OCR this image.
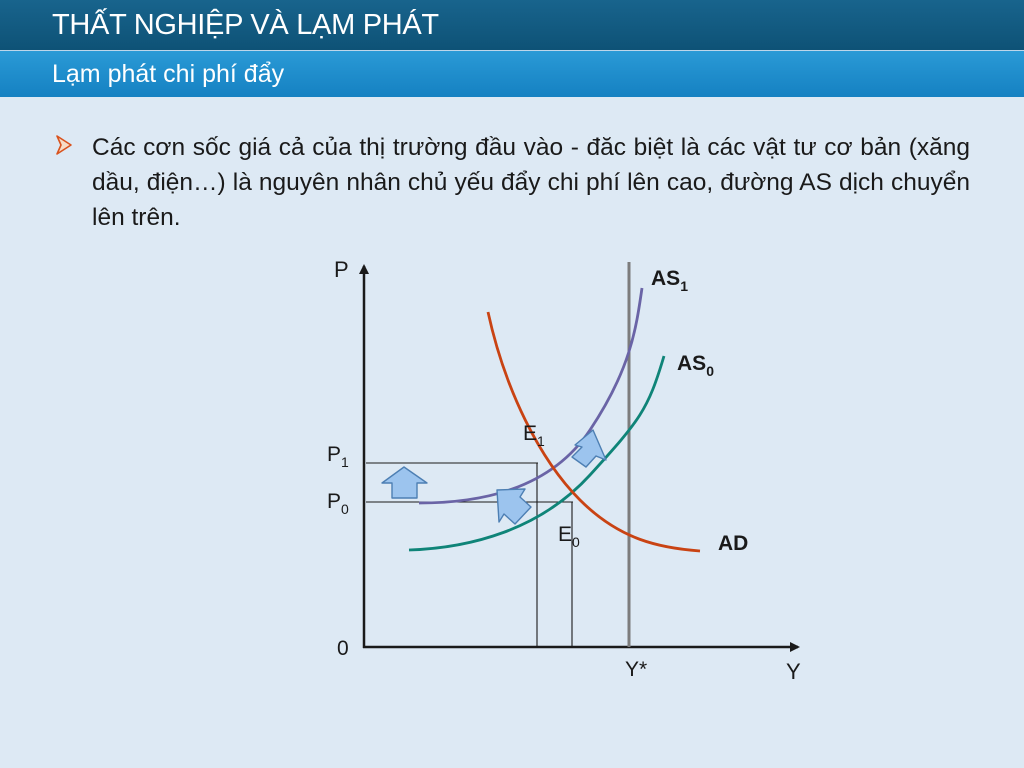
THẤT NGHIỆP VÀ LẠM PHÁT
Lạm phát chi phí đẩy
Các cơn sốc giá cả của thị trường đầu vào - đăc biệt là các vật tư cơ bản (xăng dầu, điện…) là nguyên nhân chủ yếu đẩy chi phí lên cao, đường AS dịch chuyển lên trên.
P
Y
0
Y*
$P_1$
$P_0$
$E_1$
$E_0$
$AS_1$
$AS_0$
AD
